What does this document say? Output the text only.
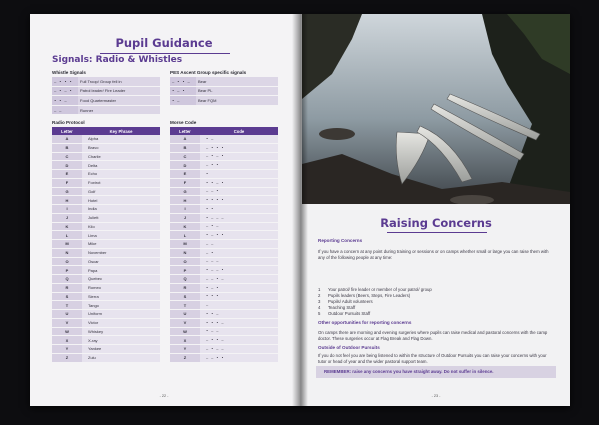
Pupil Guidance
Signals: Radio & Whistles
Whistle Signals
— • • •	Full Troop/ Group fell in
— • — •	Patrol leader/ Fire Leader
• • —	Food Quartermaster
— —	Runner
PES Ascent Group specific signals
— • • —	Bear
• — •	Bear PL
• —	Bear FQM
Radio Protocol
Letter	Key Phrase
A	Alpha
B	Bravo
C	Charlie
D	Delta
E	Echo
F	Foxtrot
G	Golf
H	Hotel
I	India
J	Juliett
K	Kilo
L	Lima
M	Mike
N	November
O	Oscar
P	Papa
Q	Quebec
R	Romeo
S	Sierra
T	Tango
U	Uniform
V	Victor
W	Whiskey
X	X-ray
Y	Yankee
Z	Zulu
Morse Code
Letter	Code
A	• —
B	— • • •
C	— • — •
D	— • •
E	•
F	• • — •
G	— — •
H	• • • •
I	• •
J	• — — —
K	— • —
L	• — • •
M	— —
N	— •
O	— — —
P	• — — •
Q	— — • —
R	• — •
S	• • •
T	—
U	• • —
V	• • • —
W	• — —
X	— • • —
Y	— • — —
Z	— — • •
- 22 -
Raising Concerns
Reporting Concerns

If you have a concern at any point during training or sessions or on camps whether small or large you can raise them with any of the following people at any time:

1 Your patrol/ fire leader or member of your patrol/ group
2 Pupils leaders (Beers, Steps, Fire Leaders)
3 Pupils/ Adult volunteers
4 Teaching Staff
5 Outdoor Pursuits Staff
Other opportunities for reporting concerns

On camps there are morning and evening surgeries where pupils can raise medical and pastoral concerns with the camp doctor. These surgeries occur at Flag Break and Flag Down.

Outside of Outdoor Pursuits

If you do not feel you are being listened to within the structure of Outdoor Pursuits you can raise your concerns with your tutor or head of year and the wider pastoral support team.

REMEMBER: raise any concerns you have straight away. Do not suffer in silence.
- 23 -
